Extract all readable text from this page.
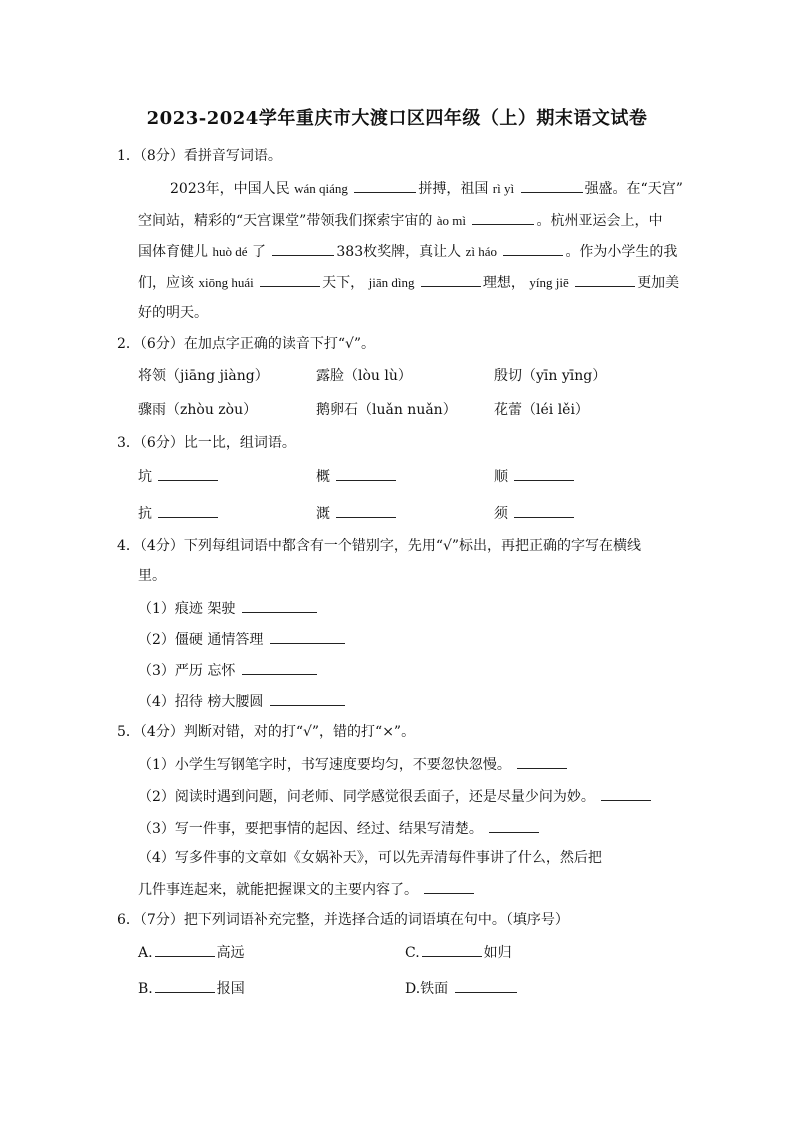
2023-2024学年重庆市大渡口区四年级（上）期末语文试卷
1．（8分）看拼音写词语。
2023年，中国人民 wán qiáng	拼搏，祖国 rì yì	强盛。在“天宫”
空间站，精彩的“天宫课堂”带领我们探索宇宙的 ào mì	。杭州亚运会上，中
国体育健儿 huò dé 了	383枚奖牌，真让人 zì háo	。作为小学生的我
们，应该 xiōng huái	天下， jiān dìng	理想， yíng jiē	更加美
好的明天。
2．（6分）在加点字正确的读音下打“√”。
将领（jiāng jiàng）	露脸（lòu lù）	殷切（yīn yīng）
骤雨（zhòu zòu）	鹅卵石（luǎn nuǎn）	花蕾（léi lěi）
3．（6分）比一比，组词语。
坑	概	顺
抗	溉	须
4．（4分）下列每组词语中都含有一个错别字，先用“√”标出，再把正确的字写在横线
里。
（1）痕迹 架驶
（2）僵硬 通情答理
（3）严历 忘怀
（4）招待 榜大腰圆
5．（4分）判断对错，对的打“√”，错的打“×”。
（1）小学生写钢笔字时，书写速度要均匀，不要忽快忽慢。
（2）阅读时遇到问题，问老师、同学感觉很丢面子，还是尽量少问为妙。
（3）写一件事，要把事情的起因、经过、结果写清楚。
（4）写多件事的文章如《女娲补天》，可以先弄清每件事讲了什么，然后把
几件事连起来，就能把握课文的主要内容了。
6．（7分）把下列词语补充完整，并选择合适的词语填在句中。（填序号）
A.	高远	C.	如归
B.	报国	D.铁面
